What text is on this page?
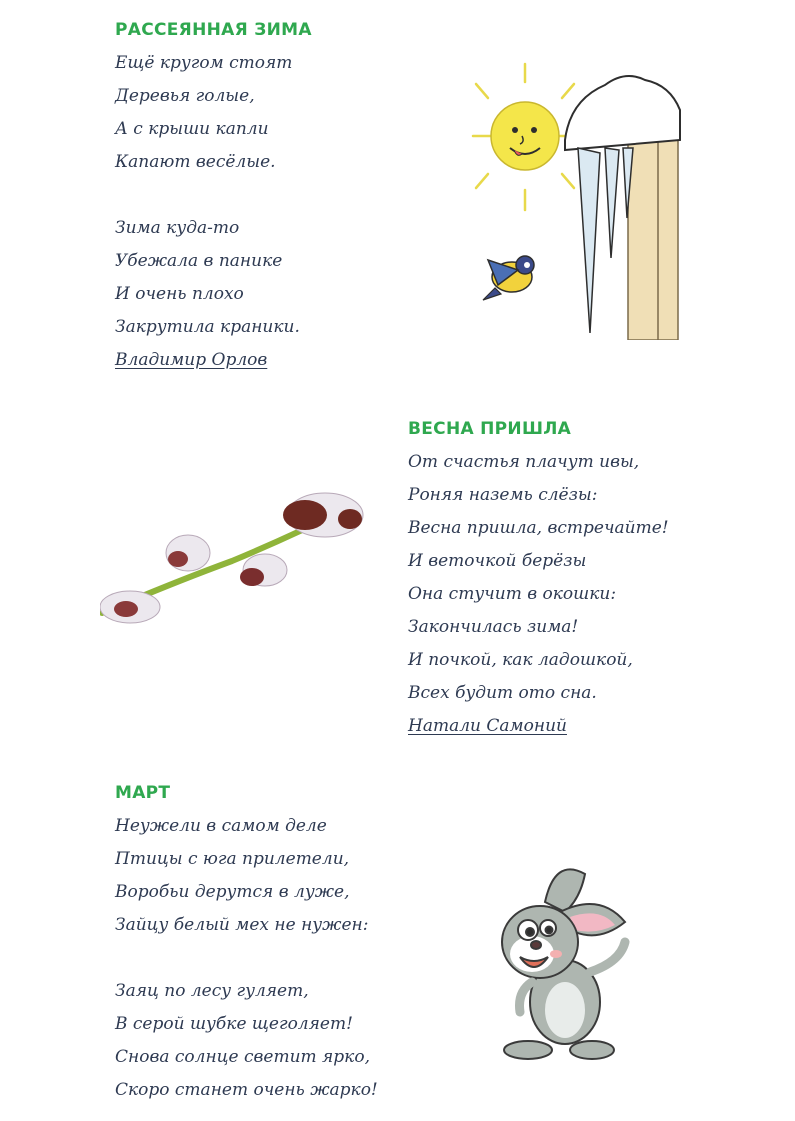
РАССЕЯННАЯ ЗИМА
Ещё кругом стоят
Деревья голые,
А с крыши капли
Капают весёлые.
Зима куда-то
Убежала в панике
И очень плохо
Закрутила краники.
Владимир Орлов
ВЕСНА ПРИШЛА
От счастья плачут ивы,
Роняя наземь слёзы:
Весна пришла, встречайте!
И веточкой берёзы
Она стучит в окошки:
Закончилась зима!
И почкой, как ладошкой,
Всех будит ото сна.
Натали Самоний
МАРТ
Неужели в самом деле
Птицы с юга прилетели,
Воробьи дерутся в луже,
Зайцу белый мех не нужен:
Заяц по лесу гуляет,
В серой шубке щеголяет!
Снова солнце светит ярко,
Скоро станет очень жарко!
